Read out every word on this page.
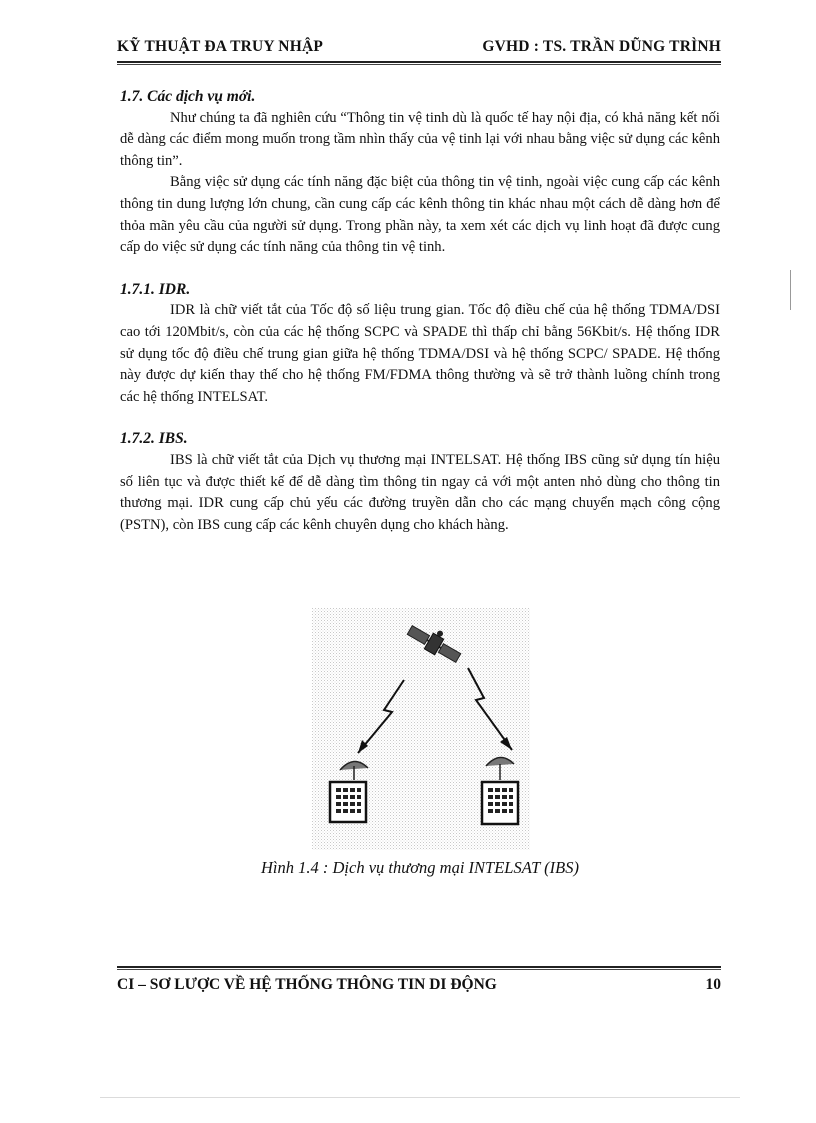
KỸ THUẬT ĐA TRUY NHẬP	GVHD : TS. TRẦN DŨNG TRÌNH

1.7. Các dịch vụ mới.

Như chúng ta đã nghiên cứu “Thông tin vệ tinh dù là quốc tế hay nội địa, có khả năng kết nối dễ dàng các điểm mong muốn trong tầm nhìn thấy của vệ tinh lại với nhau bằng việc sử dụng các kênh thông tin”.

Bằng việc sử dụng các tính năng đặc biệt của thông tin vệ tinh, ngoài việc cung cấp các kênh thông tin dung lượng lớn chung, cần cung cấp các kênh thông tin khác nhau một cách dễ dàng hơn để thỏa mãn yêu cầu của người sử dụng. Trong phần này, ta xem xét các dịch vụ linh hoạt đã được cung cấp do việc sử dụng các tính năng của thông tin vệ tinh.

1.7.1. IDR.

IDR là chữ viết tắt của Tốc độ số liệu trung gian. Tốc độ điều chế của hệ thống TDMA/DSI cao tới 120Mbit/s, còn của các hệ thống SCPC và SPADE thì thấp chỉ bằng 56Kbit/s. Hệ thống IDR sử dụng tốc độ điều chế trung gian giữa hệ thống TDMA/DSI và hệ thống SCPC/ SPADE. Hệ thống này được dự kiến thay thế cho hệ thống FM/FDMA thông thường và sẽ trở thành luồng chính trong các hệ thống INTELSAT.

1.7.2. IBS.

IBS là chữ viết tắt của Dịch vụ thương mại INTELSAT. Hệ thống IBS cũng sử dụng tín hiệu số liên tục và được thiết kế để dễ dàng tìm thông tin ngay cả với một anten nhỏ dùng cho thông tin thương mại. IDR cung cấp chủ yếu các đường truyền dẫn cho các mạng chuyển mạch công cộng (PSTN), còn IBS cung cấp các kênh chuyên dụng cho khách hàng.

Hình 1.4 : Dịch vụ thương mại INTELSAT (IBS)
CI – SƠ LƯỢC VỀ HỆ THỐNG THÔNG TIN DI ĐỘNG	10
